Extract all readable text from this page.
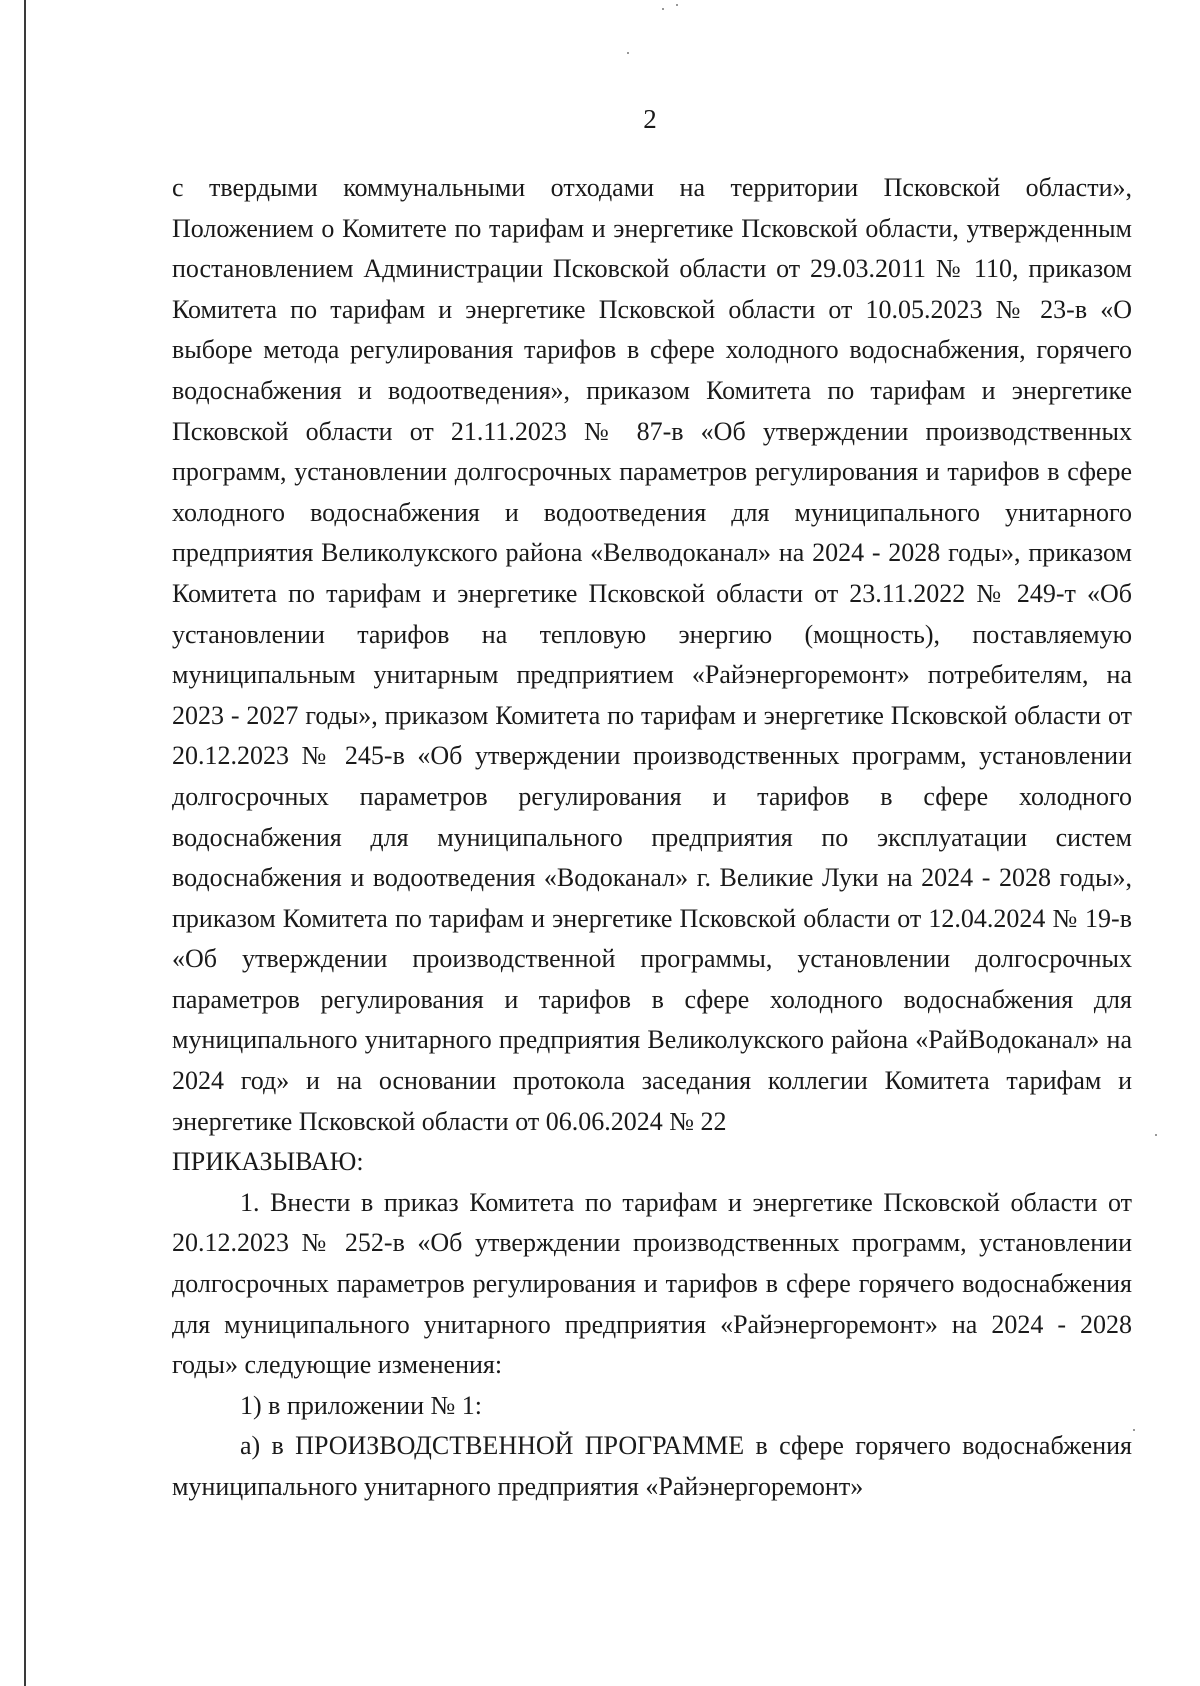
2

с твердыми коммунальными отходами на территории Псковской области», Положением о Комитете по тарифам и энергетике Псковской области, утвержденным постановлением Администрации Псковской области от 29.03.2011 № 110, приказом Комитета по тарифам и энергетике Псковской области от 10.05.2023 № 23-в «О выборе метода регулирования тарифов в сфере холодного водоснабжения, горячего водоснабжения и водоотведения», приказом Комитета по тарифам и энергетике Псковской области от 21.11.2023 № 87-в «Об утверждении производственных программ, установлении долгосрочных параметров регулирования и тарифов в сфере холодного водоснабжения и водоотведения для муниципального унитарного предприятия Великолукского района «Велводоканал» на 2024 - 2028 годы», приказом Комитета по тарифам и энергетике Псковской области от 23.11.2022 № 249-т «Об установлении тарифов на тепловую энергию (мощность), поставляемую муниципальным унитарным предприятием «Райэнергоремонт» потребителям, на 2023 - 2027 годы», приказом Комитета по тарифам и энергетике Псковской области от 20.12.2023 № 245-в «Об утверждении производственных программ, установлении долгосрочных параметров регулирования и тарифов в сфере холодного водоснабжения для муниципального предприятия по эксплуатации систем водоснабжения и водоотведения «Водоканал» г. Великие Луки на 2024 - 2028 годы», приказом Комитета по тарифам и энергетике Псковской области от 12.04.2024 № 19-в «Об утверждении производственной программы, установлении долгосрочных параметров регулирования и тарифов в сфере холодного водоснабжения для муниципального унитарного предприятия Великолукского района «РайВодоканал» на 2024 год» и на основании протокола заседания коллегии Комитета тарифам и энергетике Псковской области от 06.06.2024 № 22

ПРИКАЗЫВАЮ:

1. Внести в приказ Комитета по тарифам и энергетике Псковской области от 20.12.2023 № 252-в «Об утверждении производственных программ, установлении долгосрочных параметров регулирования и тарифов в сфере горячего водоснабжения для муниципального унитарного предприятия «Райэнергоремонт» на 2024 - 2028 годы» следующие изменения:

1) в приложении № 1:

а) в ПРОИЗВОДСТВЕННОЙ ПРОГРАММЕ в сфере горячего водоснабжения муниципального унитарного предприятия «Райэнергоремонт»
